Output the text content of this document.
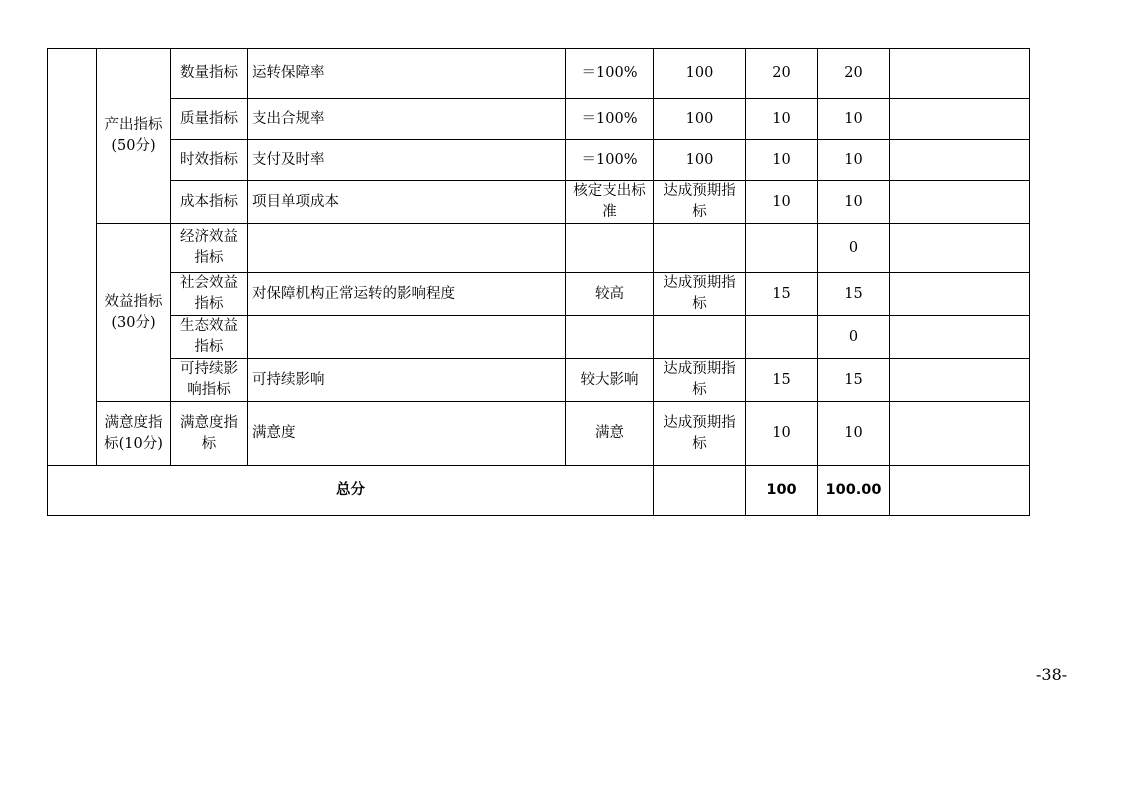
	产出指标(50分)	数量指标	运转保障率	＝100%	100	20	20	
		质量指标	支出合规率	＝100%	100	10	10	
		时效指标	支付及时率	＝100%	100	10	10	
		成本指标	项目单项成本	核定支出标准	达成预期指标	10	10	
	效益指标(30分)	经济效益指标					0	
		社会效益指标	对保障机构正常运转的影响程度	较高	达成预期指标	15	15	
		生态效益指标					0	
		可持续影响指标	可持续影响	较大影响	达成预期指标	15	15	
	满意度指标(10分)	满意度指标	满意度	满意	达成预期指标	10	10	
总分						100	100.00	
-38-
